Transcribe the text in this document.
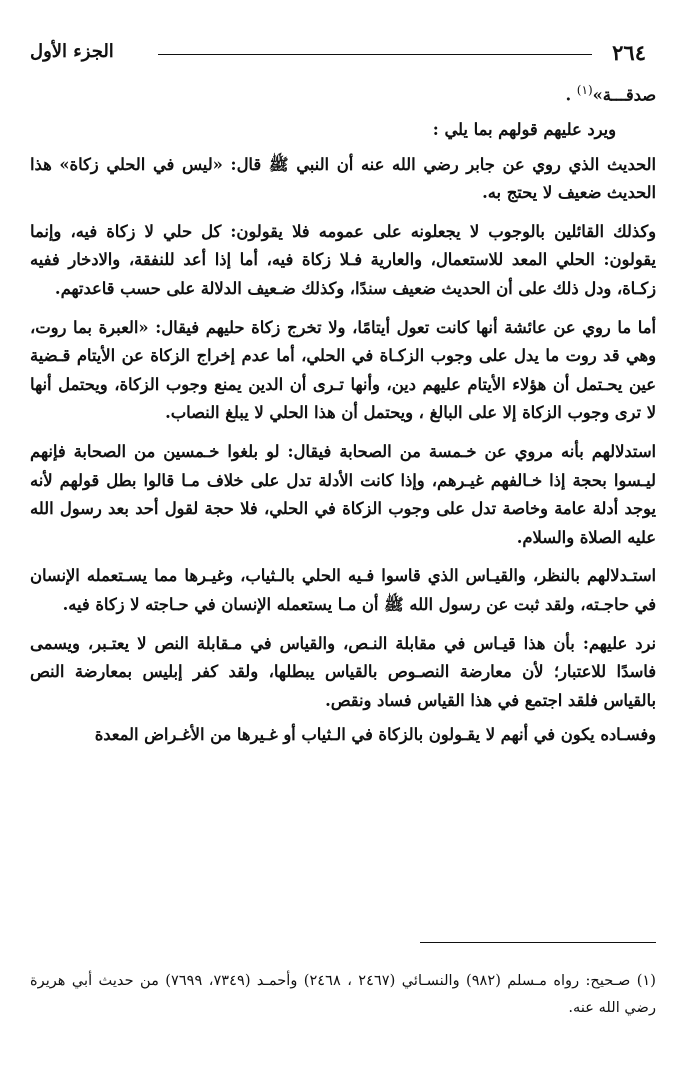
٢٦٤
الجزء الأول

صدقـــة»$^{(١)}$ .

ويرد عليهم قولهم بما يلي :

الحديث الذي روي عن جابر رضي الله عنه أن النبي ﷺ قال: «ليس في الحلي زكاة» هذا الحديث ضعيف لا يحتج به.

وكذلك القائلين بالوجوب لا يجعلونه على عمومه فلا يقولون: كل حلي لا زكاة فيه، وإنما يقولون: الحلي المعد للاستعمال، والعارية فـلا زكاة فيه، أما إذا أعد للنفقة، والادخار ففيه زكـاة، ودل ذلك على أن الحديث ضعيف سندًا، وكذلك ضـعيف الدلالة على حسب قاعدتهم.

أما ما روي عن عائشة أنها كانت تعول أيتامًا، ولا تخرج زكاة حليهم فيقال: «العبرة بما روت، وهي قد روت ما يدل على وجوب الزكـاة في الحلي، أما عدم إخراج الزكاة عن الأيتام قـضية عين يحـتمل أن هؤلاء الأيتام عليهم دين، وأنها تـرى أن الدين يمنع وجوب الزكاة، ويحتمل أنها لا ترى وجوب الزكاة إلا على البالغ ، ويحتمل أن هذا الحلي لا يبلغ النصاب.

استدلالهم بأنه مروي عن خـمسة من الصحابة فيقال: لو بلغوا خـمسين من الصحابة فإنهم ليـسوا بحجة إذا خـالفهم غيـرهم، وإذا كانت الأدلة تدل على خلاف مـا قالوا بطل قولهم لأنه يوجد أدلة عامة وخاصة تدل على وجوب الزكاة في الحلي، فلا حجة لقول أحد بعد رسول الله عليه الصلاة والسلام.

استـدلالهم بالنظر، والقيـاس الذي قاسوا فـيه الحلي بالـثياب، وغيـرها مما يسـتعمله الإنسان في حاجـته، ولقد ثبت عن رسول الله ﷺ أن مـا يستعمله الإنسان في حـاجته لا زكاة فيه.

نرد عليهم: بأن هذا قيـاس في مقابلة النـص، والقياس في مـقابلة النص لا يعتـبر، ويسمى فاسدًا للاعتبار؛ لأن معارضة النصـوص بالقياس يبطلها، ولقد كفر إبليس بمعارضة النص بالقياس فلقد اجتمع في هذا القياس فساد ونقص.

وفسـاده يكون في أنهم لا يقـولون بالزكاة في الـثياب أو غـيرها من الأغـراض المعدة

(١) صـحيح: رواه مـسلم (٩٨٢) والنسـائي (٢٤٦٧ ، ٢٤٦٨) وأحمـد (٧٣٤٩، ٧٦٩٩) من حديث أبي هريرة رضي الله عنه.
